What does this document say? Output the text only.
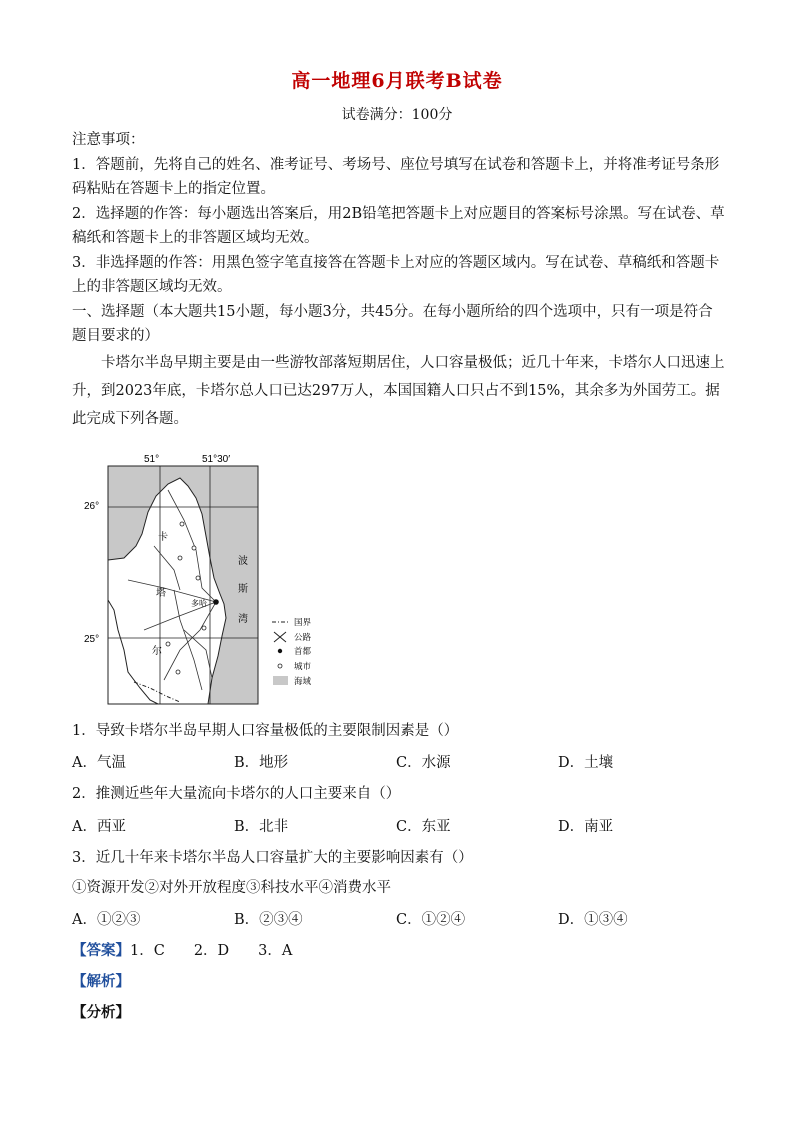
高一地理6月联考B试卷
试卷满分：100分

注意事项：

1．答题前，先将自己的姓名、准考证号、考场号、座位号填写在试卷和答题卡上，并将准考证号条形码粘贴在答题卡上的指定位置。

2．选择题的作答：每小题选出答案后，用2B铅笔把答题卡上对应题目的答案标号涂黑。写在试卷、草稿纸和答题卡上的非答题区域均无效。

3．非选择题的作答：用黑色签字笔直接答在答题卡上对应的答题区域内。写在试卷、草稿纸和答题卡上的非答题区域均无效。

一、选择题（本大题共15小题，每小题3分，共45分。在每小题所给的四个选项中，只有一项是符合题目要求的）

卡塔尔半岛早期主要是由一些游牧部落短期居住，人口容量极低；近几十年来，卡塔尔人口迅速上升，到2023年底，卡塔尔总人口已达297万人，本国国籍人口只占不到15%，其余多为外国劳工。据此完成下列各题。

51°	51°30′
26°
25°
多哈
卡
塔
尔
波
斯
湾	国界
公路
首都
城市
海域
1．导致卡塔尔半岛早期人口容量极低的主要限制因素是（）
A．气温	B．地形	C．水源	D．土壤
2．推测近些年大量流向卡塔尔的人口主要来自（）
A．西亚	B．北非	C．东亚	D．南亚
3．近几十年来卡塔尔半岛人口容量扩大的主要影响因素有（）
①资源开发②对外开放程度③科技水平④消费水平
A．①②③	B．②③④	C．①②④	D．①③④
【答案】1．C　　2．D　　3．A
【解析】
【分析】
